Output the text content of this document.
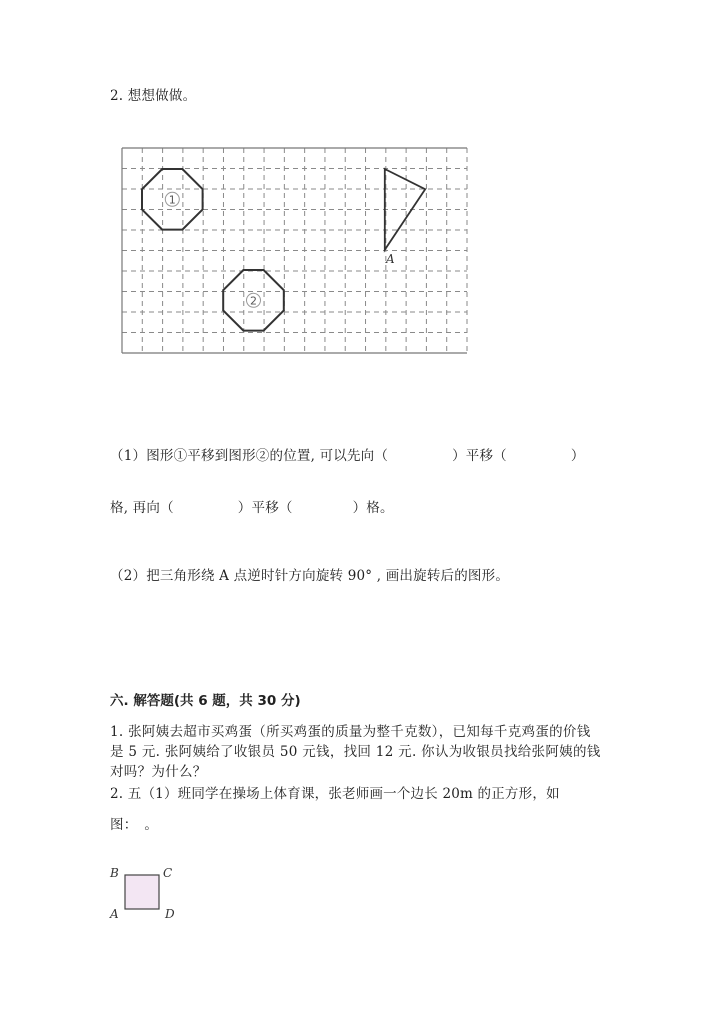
2. 想想做做。
1
2
A
（1）图形①平移到图形②的位置, 可以先向（	）平移（	）
格, 再向（	）平移（	）格。
（2）把三角形绕 A 点逆时针方向旋转 90° , 画出旋转后的图形。
六. 解答题(共 6 题，共 30 分)
1. 张阿姨去超市买鸡蛋（所买鸡蛋的质量为整千克数），已知每千克鸡蛋的价钱是 5 元. 张阿姨给了收银员 50 元钱，找回 12 元. 你认为收银员找给张阿姨的钱对吗？为什么？
2. 五（1）班同学在操场上体育课，张老师画一个边长 20m 的正方形，如
图：　。
B	C
A	D
